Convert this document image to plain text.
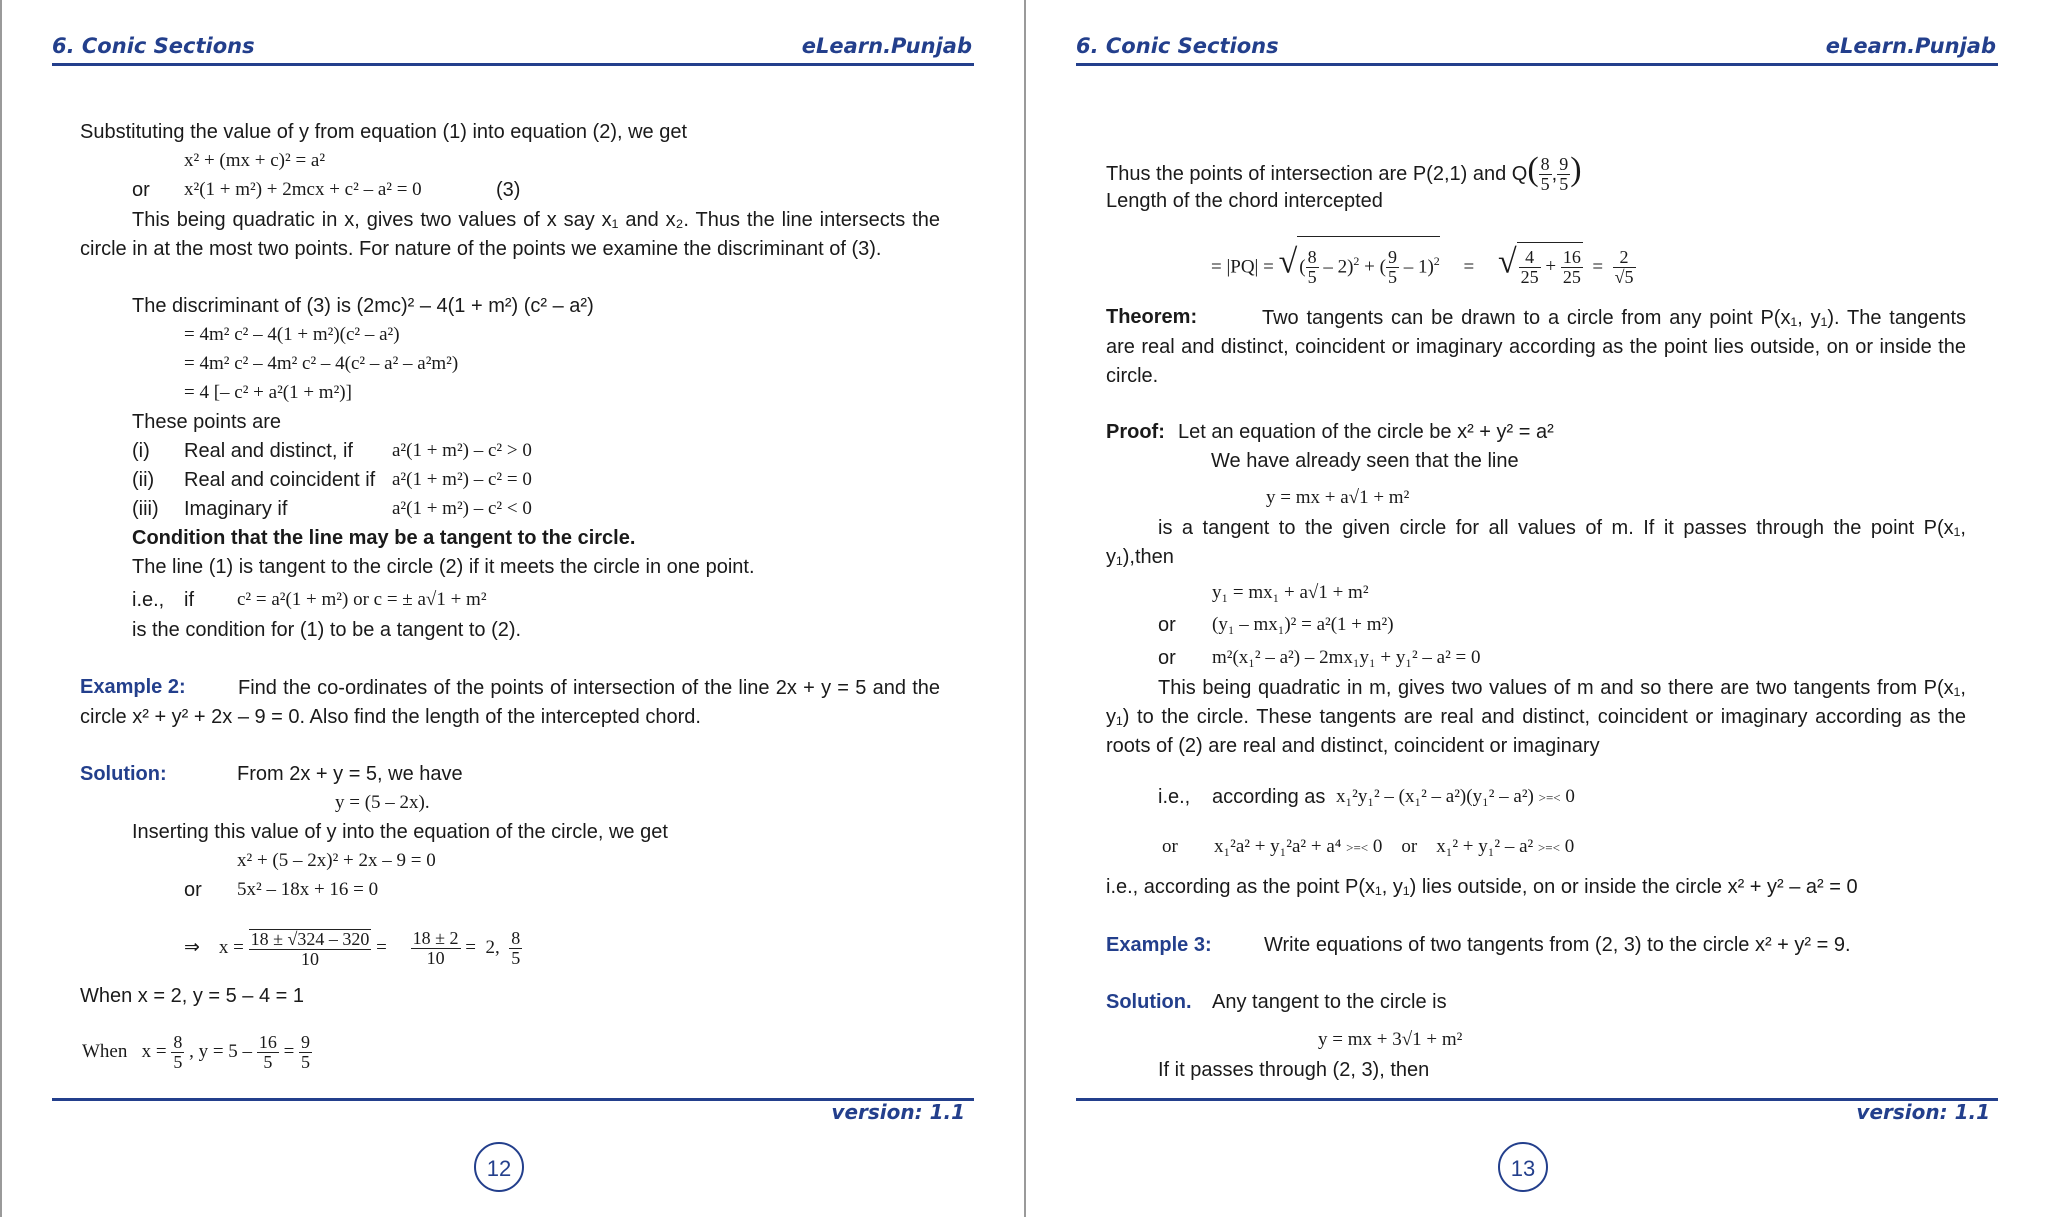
6. Conic Sections	eLearn.Punjab
Substituting the value of y from equation (1) into equation (2), we get
x² + (mx + c)² = a²
or x²(1 + m²) + 2mcx + c² – a² = 0	(3)
This being quadratic in x, gives two values of x say x₁ and x₂. Thus the line intersects the circle in at the most two points. For nature of the points we examine the discriminant of (3).
The discriminant of (3) is (2mc)² – 4(1 + m²) (c² – a²)
= 4m² c² – 4(1 + m²)(c² – a²)
= 4m² c² – 4m² c² – 4(c² – a² – a²m²)
= 4 [– c² + a²(1 + m²)]
These points are
(i) Real and distinct, if a²(1 + m²) – c² > 0
(ii) Real and coincident if a²(1 + m²) – c² = 0
(iii) Imaginary if	a²(1 + m²) – c² < 0
Condition that the line may be a tangent to the circle.
The line (1) is tangent to the circle (2) if it meets the circle in one point.
i.e., if c² = a²(1 + m²) or c = ± a√1 + m²
is the condition for (1) to be a tangent to (2).
Example 2:	Find the co-ordinates of the points of intersection of the line 2x + y = 5 and the circle x² + y² + 2x – 9 = 0. Also find the length of the intercepted chord.
Solution:	From 2x + y = 5, we have
y = (5 – 2x).
Inserting this value of y into the equation of the circle, we get
x² + (5 – 2x)² + 2x – 9 = 0
or 5x² – 18x + 16 = 0
⇒ $x = \frac{18 \pm √324 - 320}{10} = \frac{18 \pm 2}{10} = 2$, $\frac{8}{5}$
When x = 2, y = 5 – 4 = 1
When $x = \frac{8}{5}$ , $y = 5 - \frac{16}{5} = \frac{9}{5}$
version: 1.1
12
6. Conic Sections	eLearn.Punjab
Thus the points of intersection are P(2,1) and $Q( \frac{8}{5}$ , $\frac{9}{5}$ )
Length of the chord intercepted
= |PQ| = √ ( $\frac{8}{5} - 2)^2$ + ( $\frac{9}{5} - 1)^2$ = √ $\frac{4}{25} + \frac{16}{25} = \frac{2}{√5}$
Theorem:	Two tangents can be drawn to a circle from any point P(x₁, y₁). The tangents are real and distinct, coincident or imaginary according as the point lies outside, on or inside the circle.
Proof: Let an equation of the circle be x² + y² = a²
We have already seen that the line
y = mx + a√1 + m²
is a tangent to the given circle for all values of m. If it passes through the point P(x₁, y₁),then
y₁ = mx₁ + a√1 + m²
or (y₁ – mx₁)² = a²(1 + m²)
or m²(x₁² – a²) – 2mx₁y₁ + y₁² – a² = 0
This being quadratic in m, gives two values of m and so there are two tangents from P(x₁, y₁) to the circle. These tangents are real and distinct, coincident or imaginary according as the roots of (2) are real and distinct, coincident or imaginary
i.e., according as x₁²y₁² – (x₁² – a²)(y₁² – a²) >=< 0
or x₁²a² + y₁²a² + a⁴ >=< 0 or x₁² + y₁² – a² >=< 0
i.e., according as the point P(x₁, y₁) lies outside, on or inside the circle x² + y² – a² = 0
Example 3:	Write equations of two tangents from (2, 3) to the circle x² + y² = 9.
Solution. Any tangent to the circle is
y = mx + 3√1 + m²
If it passes through (2, 3), then
version: 1.1
13
